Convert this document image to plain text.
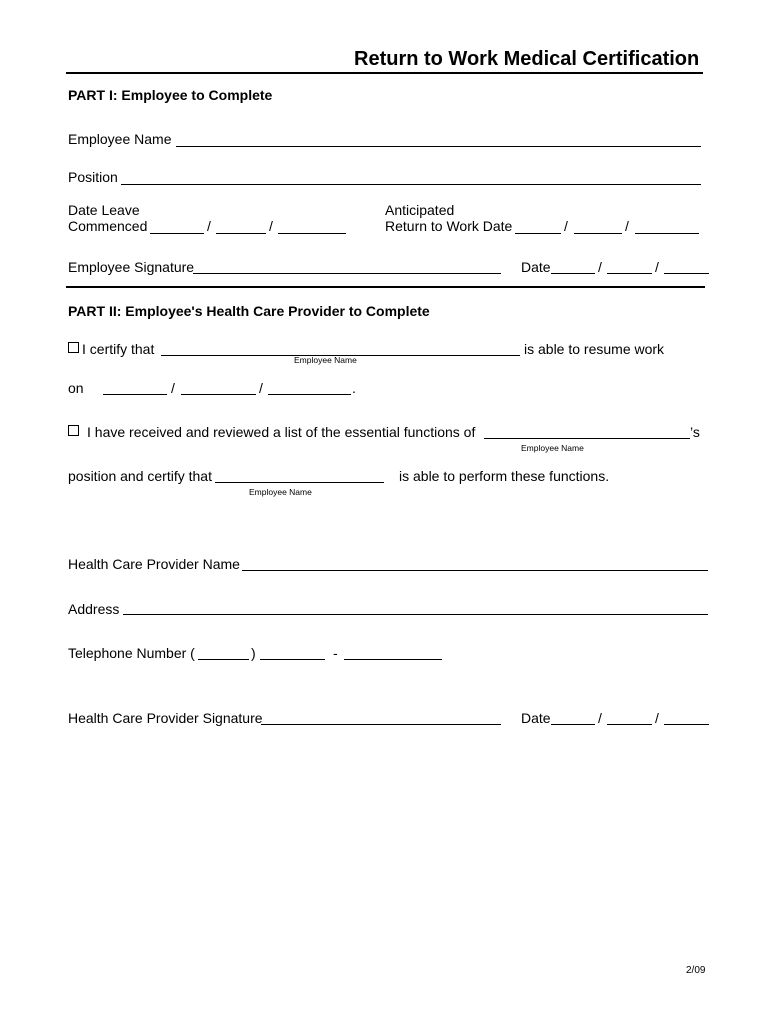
Return to Work Medical Certification
PART I: Employee to Complete
Employee Name
Position
Date Leave
Commenced	/	/
Anticipated
Return to Work Date	/	/
Employee Signature	Date	/	/
PART II: Employee's Health Care Provider to Complete
I certify that
Employee Name
is able to resume work
on	/	/	.
I have received and reviewed a list of the essential functions of	’s
Employee Name
position and certify that
Employee Name
is able to perform these functions.
Health Care Provider Name
Address
Telephone Number (	)	-
Health Care Provider Signature	Date	/	/
2/09
